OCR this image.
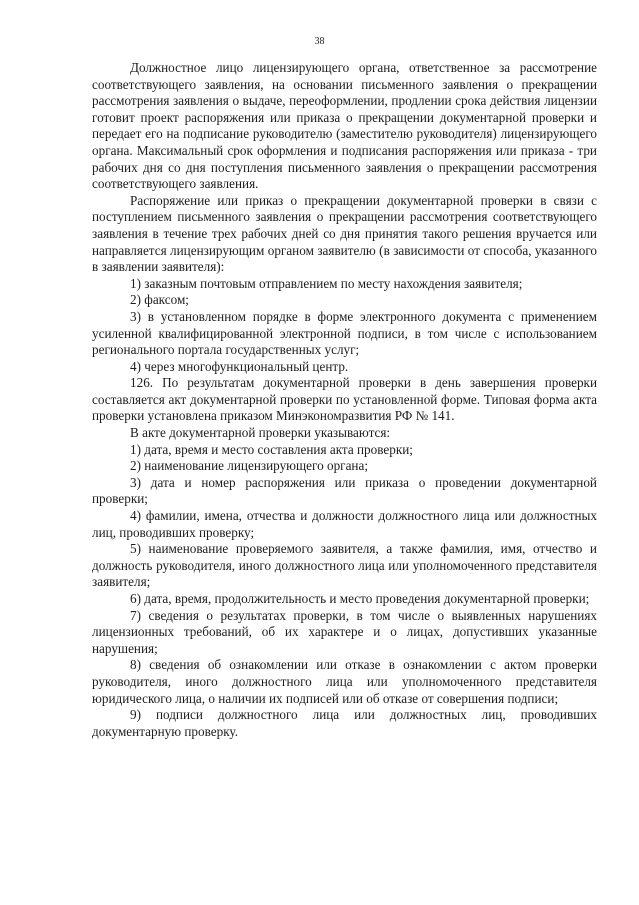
38

Должностное лицо лицензирующего органа, ответственное за рассмотрение соответствующего заявления, на основании письменного заявления о прекращении рассмотрения заявления о выдаче, переоформлении, продлении срока действия лицензии готовит проект распоряжения или приказа о прекращении документарной проверки и передает его на подписание руководителю (заместителю руководителя) лицензирующего органа. Максимальный срок оформления и подписания распоряжения или приказа - три рабочих дня со дня поступления письменного заявления о прекращении рассмотрения соответствующего заявления.

Распоряжение или приказ о прекращении документарной проверки в связи с поступлением письменного заявления о прекращении рассмотрения соответствующего заявления в течение трех рабочих дней со дня принятия такого решения вручается или направляется лицензирующим органом заявителю (в зависимости от способа, указанного в заявлении заявителя):

1) заказным почтовым отправлением по месту нахождения заявителя;

2) факсом;

3) в установленном порядке в форме электронного документа с применением усиленной квалифицированной электронной подписи, в том числе с использованием регионального портала государственных услуг;

4) через многофункциональный центр.

126. По результатам документарной проверки в день завершения проверки составляется акт документарной проверки по установленной форме. Типовая форма акта проверки установлена приказом Минэкономразвития РФ № 141.

В акте документарной проверки указываются:

1) дата, время и место составления акта проверки;

2) наименование лицензирующего органа;

3) дата и номер распоряжения или приказа о проведении документарной проверки;

4) фамилии, имена, отчества и должности должностного лица или должностных лиц, проводивших проверку;

5) наименование проверяемого заявителя, а также фамилия, имя, отчество и должность руководителя, иного должностного лица или уполномоченного представителя заявителя;

6) дата, время, продолжительность и место проведения документарной проверки;

7) сведения о результатах проверки, в том числе о выявленных нарушениях лицензионных требований, об их характере и о лицах, допустивших указанные нарушения;

8) сведения об ознакомлении или отказе в ознакомлении с актом проверки руководителя, иного должностного лица или уполномоченного представителя юридического лица, о наличии их подписей или об отказе от совершения подписи;

9) подписи должностного лица или должностных лиц, проводивших документарную проверку.
